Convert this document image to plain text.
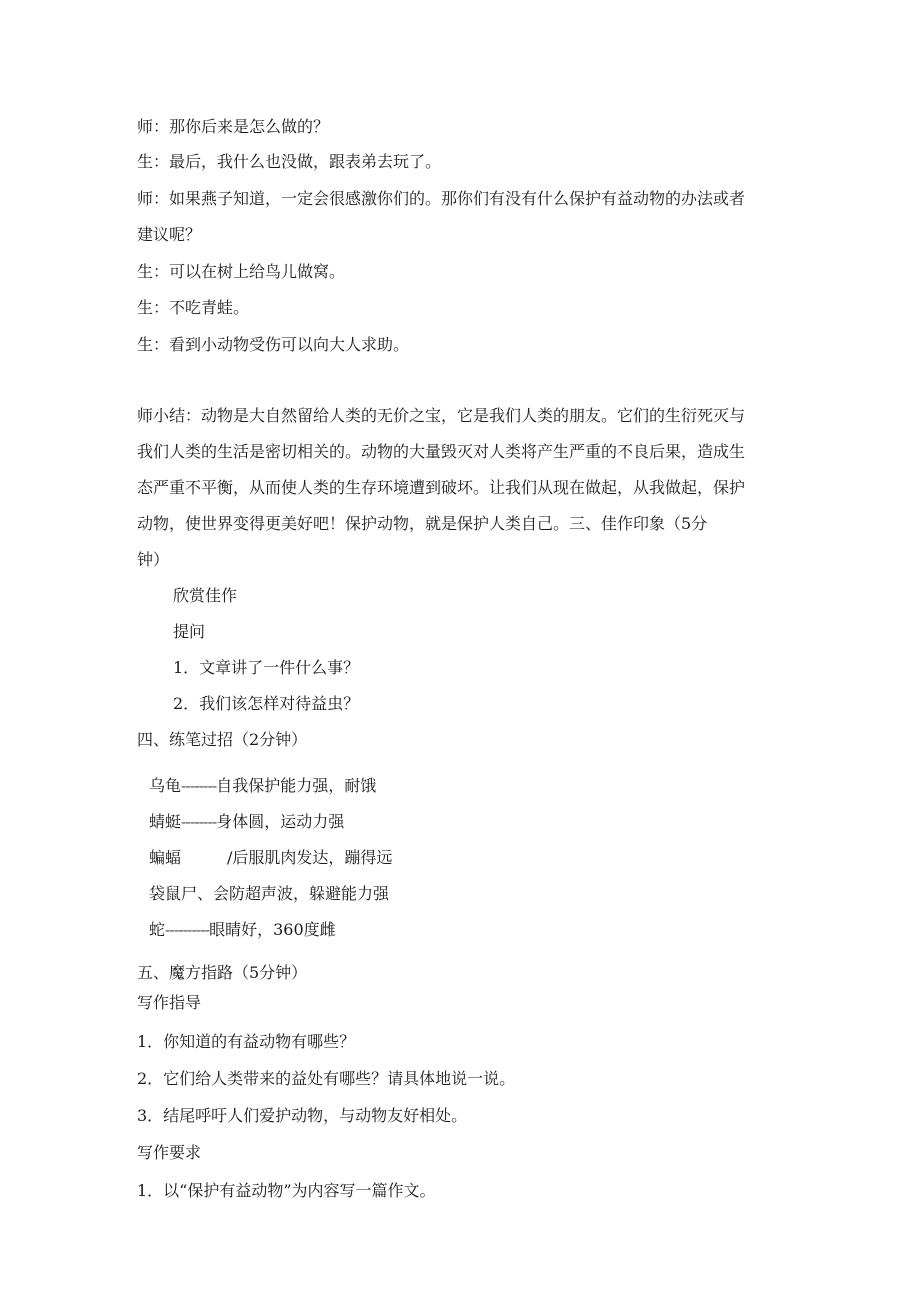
师：那你后来是怎么做的？
生：最后，我什么也没做，跟表弟去玩了。
师：如果燕子知道，一定会很感激你们的。那你们有没有什么保护有益动物的办法或者
建议呢？
生：可以在树上给鸟儿做窝。
生：不吃青蛙。
生：看到小动物受伤可以向大人求助。
师小结：动物是大自然留给人类的无价之宝，它是我们人类的朋友。它们的生衍死灭与
我们人类的生活是密切相关的。动物的大量毁灭对人类将产生严重的不良后果，造成生
态严重不平衡，从而使人类的生存环境遭到破坏。让我们从现在做起，从我做起，保护
动物，使世界变得更美好吧！保护动物，就是保护人类自己。三、佳作印象（5分
钟）
欣赏佳作
提问
1．文章讲了一件什么事？
2．我们该怎样对待益虫？
四、练笔过招（2分钟）
乌龟--------自我保护能力强，耐饿
蜻蜓--------身体圆，运动力强
蝙蝠	/后服肌肉发达，蹦得远
袋鼠尸、会防超声波，躲避能力强
蛇----------眼睛好，360度雌
五、魔方指路（5分钟）
写作指导
1．你知道的有益动物有哪些？
2．它们给人类带来的益处有哪些？请具体地说一说。
3．结尾呼吁人们爱护动物，与动物友好相处。
写作要求
1．以“保护有益动物”为内容写一篇作文。
